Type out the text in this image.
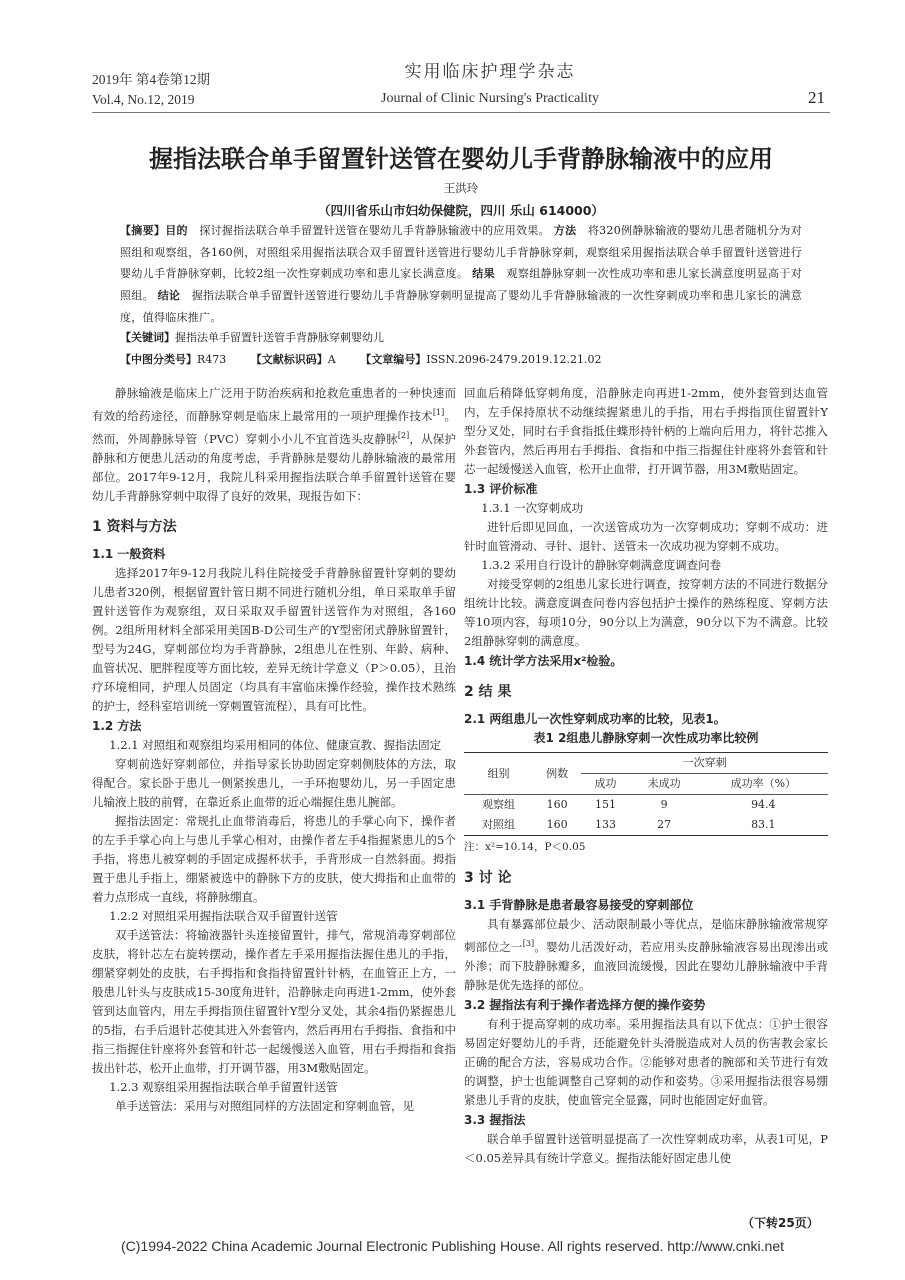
2019年 第4卷第12期
Vol.4, No.12, 2019
实用临床护理学杂志
Journal of Clinic Nursing's Practicality	21
握指法联合单手留置针送管在婴幼儿手背静脉输液中的应用
王洪玲
（四川省乐山市妇幼保健院，四川 乐山 614000）
【摘要】目的 探讨握指法联合单手留置针送管在婴幼儿手背静脉输液中的应用效果。 方法 将320例静脉输液的婴幼儿患者随机分为对照组和观察组，各160例，对照组采用握指法联合双手留置针送管进行婴幼儿手背静脉穿刺，观察组采用握指法联合单手留置针送管进行婴幼儿手背静脉穿刺，比较2组一次性穿刺成功率和患儿家长满意度。 结果 观察组静脉穿刺一次性成功率和患儿家长满意度明显高于对照组。 结论 握指法联合单手留置针送管进行婴幼儿手背静脉穿刺明显提高了婴幼儿手背静脉输液的一次性穿刺成功率和患儿家长的满意度，值得临床推广。
【关键词】握指法单手留置针送管手背静脉穿刺婴幼儿
【中图分类号】R473 【文献标识码】A 【文章编号】ISSN.2096-2479.2019.12.21.02

静脉输液是临床上广泛用于防治疾病和抢救危重患者的一种快速而有效的给药途径，而静脉穿刺是临床上最常用的一项护理操作技术[1]。然而，外周静脉导管（PVC）穿刺小小儿不宜首选头皮静脉[2]，从保护静脉和方便患儿活动的角度考虑，手背静脉是婴幼儿静脉输液的最常用部位。2017年9-12月，我院儿科采用握指法联合单手留置针送管在婴幼儿手背静脉穿刺中取得了良好的效果，现报告如下：

1 资料与方法
1.1 一般资料

选择2017年9-12月我院儿科住院接受手背静脉留置针穿刺的婴幼儿患者320例，根据留置针管日期不同进行随机分组，单日采取单手留置针送管作为观察组，双日采取双手留置针送管作为对照组，各160例。2组所用材料全部采用美国B-D公司生产的Y型密闭式静脉留置针，型号为24G，穿刺部位均为手背静脉，2组患儿在性别、年龄、病种、血管状况、肥胖程度等方面比较，差异无统计学意义（P＞0.05），且治疗环境相同，护理人员固定（均具有丰富临床操作经验，操作技术熟练的护士，经科室培训统一穿刺置管流程），具有可比性。

1.2 方法

1.2.1 对照组和观察组均采用相同的体位、健康宣教、握指法固定

穿刺前选好穿刺部位，并指导家长协助固定穿刺侧肢体的方法，取得配合。家长卧于患儿一侧紧挨患儿，一手环抱婴幼儿，另一手固定患儿输液上肢的前臂，在靠近系止血带的近心端握住患儿腕部。

握指法固定：常规扎止血带消毒后，将患儿的手掌心向下，操作者的左手手掌心向上与患儿手掌心相对，由操作者左手4指握紧患儿的5个手指，将患儿被穿刺的手固定成握杯状手，手背形成一自然斜面。拇指置于患儿手指上，绷紧被选中的静脉下方的皮肤，使大拇指和止血带的着力点形成一直线，将静脉绷直。

1.2.2 对照组采用握指法联合双手留置针送管

双手送管法：将输液器针头连接留置针，排气，常规消毒穿刺部位皮肤，将针芯左右旋转摆动，操作者左手采用握指法握住患儿的手指，绷紧穿刺处的皮肤，右手拇指和食指持留置针针柄，在血管正上方，一般患儿针头与皮肤成15-30度角进针，沿静脉走向再进1-2mm，使外套管到达血管内，用左手拇指顶住留置针Y型分叉处，其余4指仍紧握患儿的5指，右手后退针芯使其进入外套管内，然后再用右手拇指、食指和中指三指握住针座将外套管和针芯一起缓慢送入血管，用右手拇指和食指拔出针芯，松开止血带，打开调节器，用3M敷贴固定。

1.2.3 观察组采用握指法联合单手留置针送管

单手送管法：采用与对照组同样的方法固定和穿刺血管，见

回血后稍降低穿刺角度，沿静脉走向再进1-2mm，使外套管到达血管内，左手保持原状不动继续握紧患儿的手指，用右手拇指顶住留置针Y型分叉处，同时右手食指抵住蝶形持针柄的上端向后用力，将针芯推入外套管内，然后再用右手拇指、食指和中指三指握住针座将外套管和针芯一起缓慢送入血管，松开止血带，打开调节器，用3M敷贴固定。

1.3 评价标准

1.3.1 一次穿刺成功

进针后即见回血，一次送管成功为一次穿刺成功；穿刺不成功：进针时血管滑动、寻针、退针、送管未一次成功视为穿刺不成功。

1.3.2 采用自行设计的静脉穿刺满意度调查问卷

对接受穿刺的2组患儿家长进行调查，按穿刺方法的不同进行数据分组统计比较。满意度调查问卷内容包括护士操作的熟练程度、穿刺方法等10项内容，每项10分，90分以上为满意，90分以下为不满意。比较2组静脉穿刺的满意度。

1.4 统计学方法采用x²检验。
2 结 果
2.1 两组患儿一次性穿刺成功率的比较，见表1。
表1 2组患儿静脉穿刺一次性成功率比较例
组别	例数	一次穿刺		
		成功	未成功	成功率（%）
观察组	160	151	9	94.4
对照组	160	133	27	83.1

注：x²=10.14，P＜0.05

3 讨 论
3.1 手背静脉是患者最容易接受的穿刺部位

具有暴露部位最少、活动限制最小等优点，是临床静脉输液常规穿刺部位之一[3]。婴幼儿活泼好动，若应用头皮静脉输液容易出现渗出或外渗；而下肢静脉瓣多，血液回流缓慢，因此在婴幼儿静脉输液中手背静脉是优先选择的部位。

3.2 握指法有利于操作者选择方便的操作姿势

有利于提高穿刺的成功率。采用握指法具有以下优点：①护士很容易固定好婴幼儿的手背，还能避免针头滑脱造成对人员的伤害教会家长正确的配合方法，容易成功合作。②能够对患者的腕部和关节进行有效的调整，护士也能调整自己穿刺的动作和姿势。③采用握指法很容易绷紧患儿手背的皮肤，使血管完全显露，同时也能固定好血管。

3.3 握指法

联合单手留置针送管明显提高了一次性穿刺成功率，从表1可见，P＜0.05差异具有统计学意义。握指法能好固定患儿使

（下转25页）
(C)1994-2022 China Academic Journal Electronic Publishing House. All rights reserved. http://www.cnki.net
